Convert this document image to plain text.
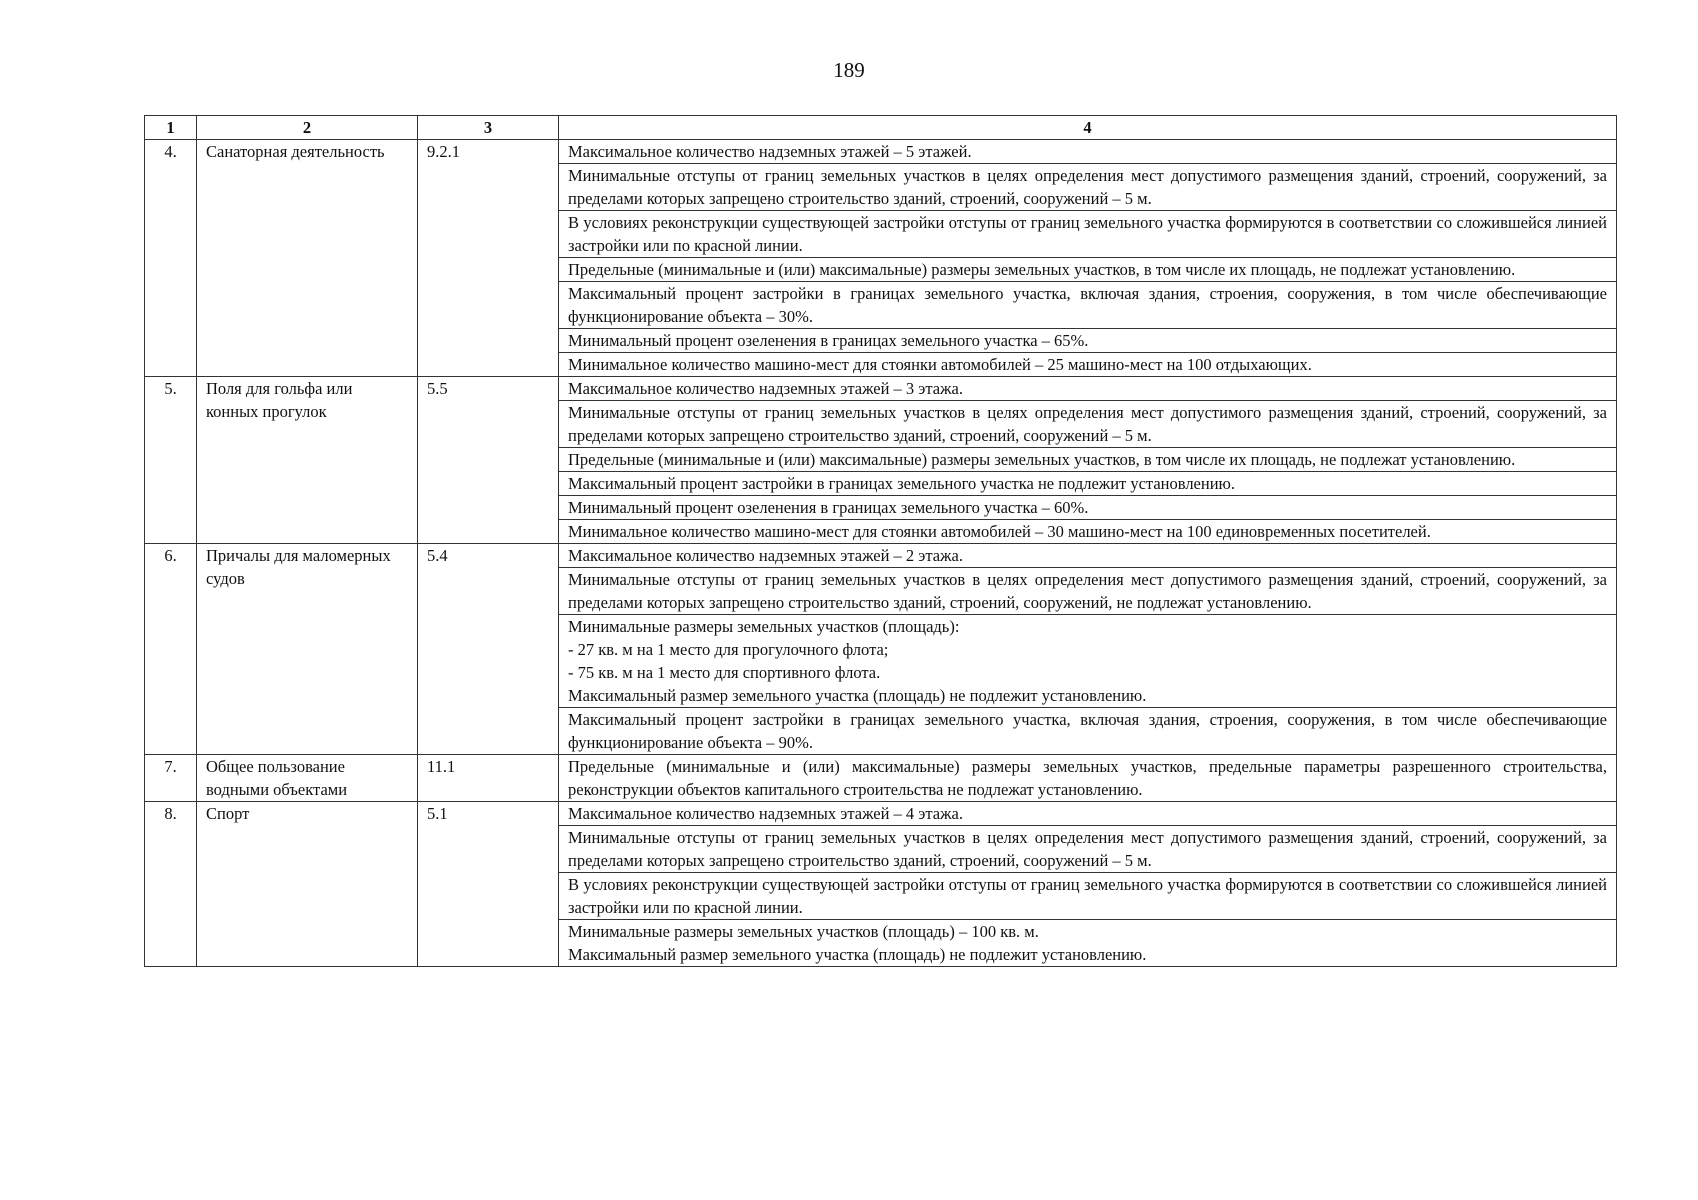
189
1	2	3	4
4.	Санаторная деятельность	9.2.1	Максимальное количество надземных этажей – 5 этажей.
			Минимальные отступы от границ земельных участков в целях определения мест допустимого размещения зданий, строений, сооружений, за пределами которых запрещено строительство зданий, строений, сооружений – 5 м.
			В условиях реконструкции существующей застройки отступы от границ земельного участка формируются в соответствии со сложившейся линией застройки или по красной линии.
			Предельные (минимальные и (или) максимальные) размеры земельных участков, в том числе их площадь, не подлежат установлению.
			Максимальный процент застройки в границах земельного участка, включая здания, строения, сооружения, в том числе обеспечивающие функционирование объекта – 30%.
			Минимальный процент озеленения в границах земельного участка – 65%.
			Минимальное количество машино-мест для стоянки автомобилей – 25 машино-мест на 100 отдыхающих.
5.	Поля для гольфа или конных прогулок	5.5	Максимальное количество надземных этажей – 3 этажа.
			Минимальные отступы от границ земельных участков в целях определения мест допустимого размещения зданий, строений, сооружений, за пределами которых запрещено строительство зданий, строений, сооружений – 5 м.
			Предельные (минимальные и (или) максимальные) размеры земельных участков, в том числе их площадь, не подлежат установлению.
			Максимальный процент застройки в границах земельного участка не подлежит установлению.
			Минимальный процент озеленения в границах земельного участка – 60%.
			Минимальное количество машино-мест для стоянки автомобилей – 30 машино-мест на 100 единовременных посетителей.
6.	Причалы для маломерных судов	5.4	Максимальное количество надземных этажей – 2 этажа.
			Минимальные отступы от границ земельных участков в целях определения мест допустимого размещения зданий, строений, сооружений, за пределами которых запрещено строительство зданий, строений, сооружений, не подлежат установлению.

			Минимальные размеры земельных участков (площадь):
- 27 кв. м на 1 место для прогулочного флота;
- 75 кв. м на 1 место для спортивного флота.
Максимальный размер земельного участка (площадь) не подлежит установлению.

			Максимальный процент застройки в границах земельного участка, включая здания, строения, сооружения, в том числе обеспечивающие функционирование объекта – 90%.
7.	Общее пользование водными объектами	11.1	Предельные (минимальные и (или) максимальные) размеры земельных участков, предельные параметры разрешенного строительства, реконструкции объектов капитального строительства не подлежат установлению.
8.	Спорт	5.1	Максимальное количество надземных этажей – 4 этажа.
			Минимальные отступы от границ земельных участков в целях определения мест допустимого размещения зданий, строений, сооружений, за пределами которых запрещено строительство зданий, строений, сооружений – 5 м.
			В условиях реконструкции существующей застройки отступы от границ земельного участка формируются в соответствии со сложившейся линией застройки или по красной линии.

			Минимальные размеры земельных участков (площадь) – 100 кв. м.
Максимальный размер земельного участка (площадь) не подлежит установлению.
